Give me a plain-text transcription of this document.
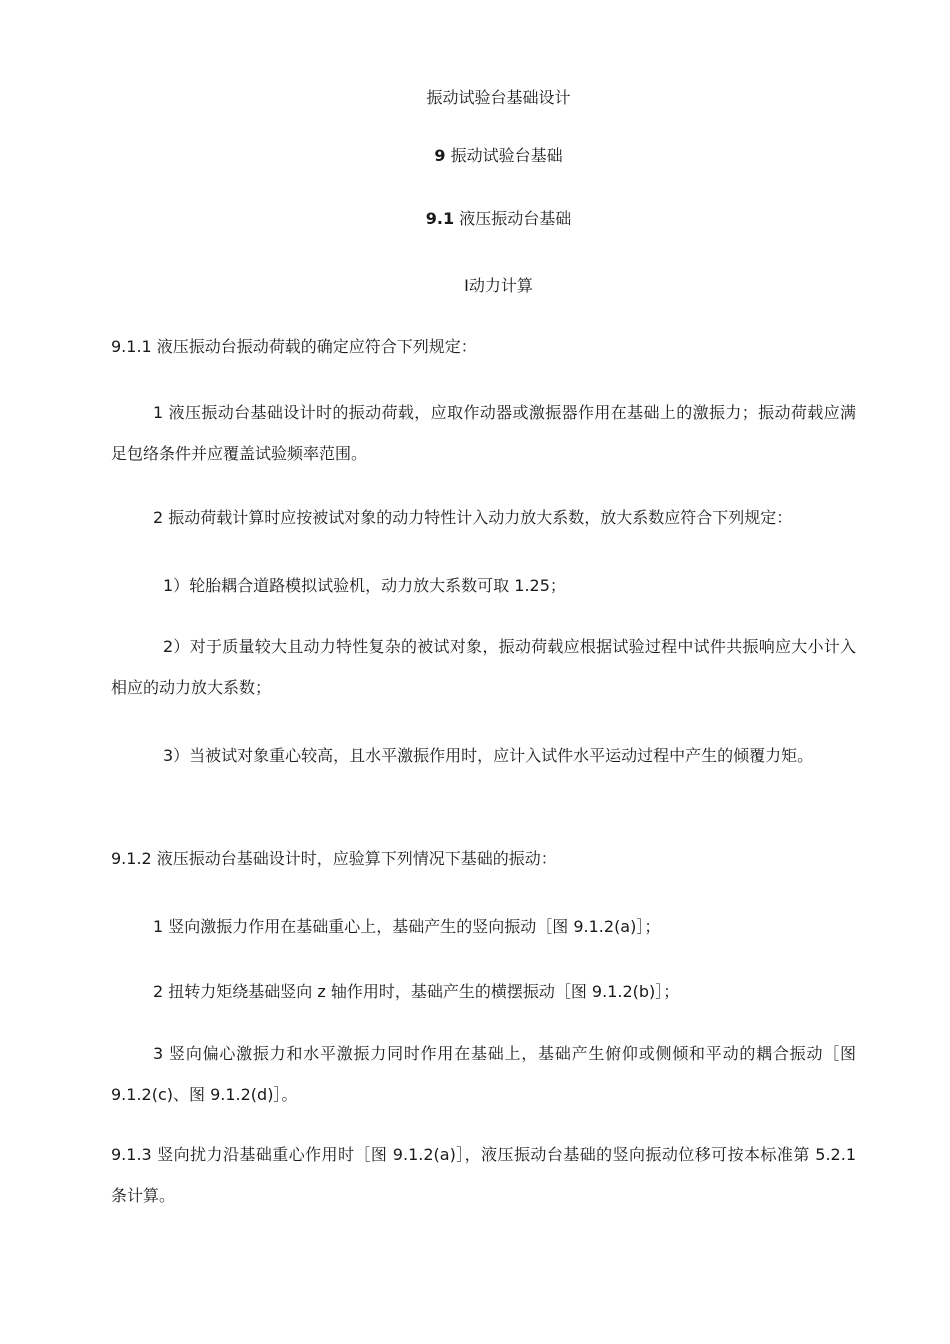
振动试验台基础设计
9 振动试验台基础
9.1 液压振动台基础
Ⅰ动力计算
9.1.1 液压振动台振动荷载的确定应符合下列规定：
1 液压振动台基础设计时的振动荷载，应取作动器或激振器作用在基础上的激振力；振动荷载应满足包络条件并应覆盖试验频率范围。
2 振动荷载计算时应按被试对象的动力特性计入动力放大系数，放大系数应符合下列规定：
1）轮胎耦合道路模拟试验机，动力放大系数可取 1.25；
2）对于质量较大且动力特性复杂的被试对象，振动荷载应根据试验过程中试件共振响应大小计入相应的动力放大系数；
3）当被试对象重心较高，且水平激振作用时，应计入试件水平运动过程中产生的倾覆力矩。
9.1.2 液压振动台基础设计时，应验算下列情况下基础的振动：
1 竖向激振力作用在基础重心上，基础产生的竖向振动［图 9.1.2(a)］；
2 扭转力矩绕基础竖向 z 轴作用时，基础产生的横摆振动［图 9.1.2(b)］；
3 竖向偏心激振力和水平激振力同时作用在基础上，基础产生俯仰或侧倾和平动的耦合振动［图 9.1.2(c)、图 9.1.2(d)］。
9.1.3 竖向扰力沿基础重心作用时［图 9.1.2(a)］，液压振动台基础的竖向振动位移可按本标准第 5.2.1 条计算。
